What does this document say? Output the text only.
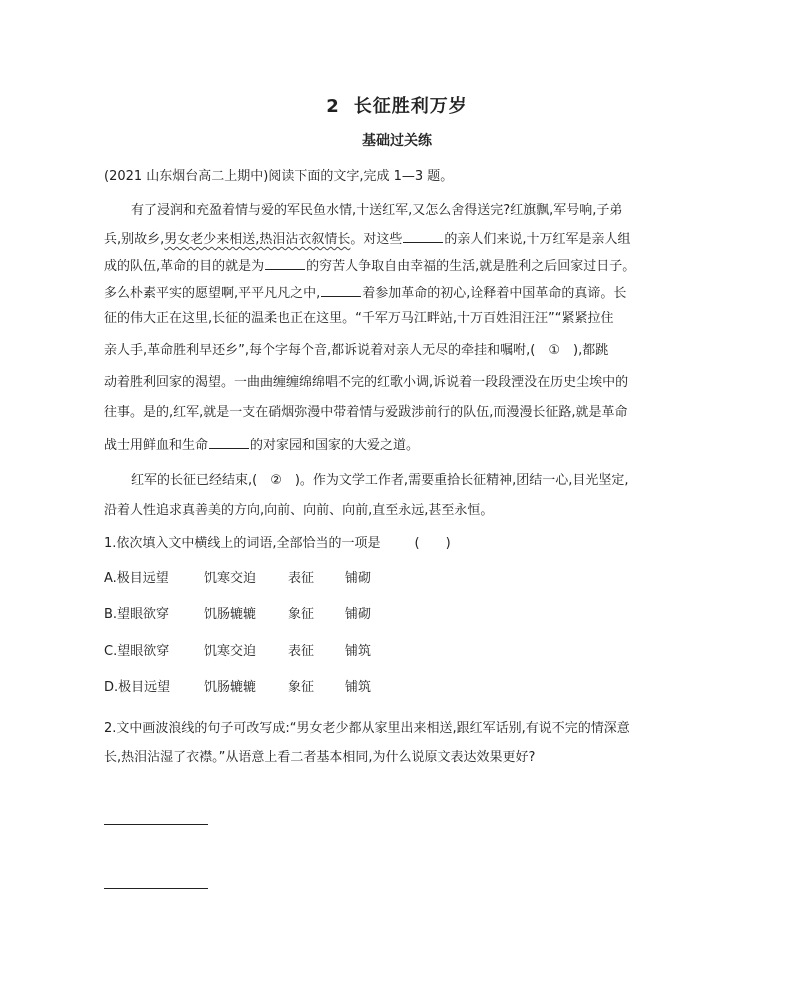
2 长征胜利万岁
基础过关练
(2021 山东烟台高二上期中)阅读下面的文字,完成 1—3 题。
有了浸润和充盈着情与爱的军民鱼水情,十送红军,又怎么舍得送完?红旗飘,军号响,子弟
兵,别故乡,男女老少来相送,热泪沾衣叙情长。对这些	的亲人们来说,十万红军是亲人组
成的队伍,革命的目的就是为	的穷苦人争取自由幸福的生活,就是胜利之后回家过日子。
多么朴素平实的愿望啊,平平凡凡之中,	着参加革命的初心,诠释着中国革命的真谛。长
征的伟大正在这里,长征的温柔也正在这里。“千军万马江畔站,十万百姓泪汪汪”“紧紧拉住
亲人手,革命胜利早还乡”,每个字每个音,都诉说着对亲人无尽的牵挂和嘱咐,(　①　),都跳
动着胜利回家的渴望。一曲曲缠缠绵绵唱不完的红歌小调,诉说着一段段湮没在历史尘埃中的
往事。是的,红军,就是一支在硝烟弥漫中带着情与爱跋涉前行的队伍,而漫漫长征路,就是革命
战士用鲜血和生命	的对家园和国家的大爱之道。
红军的长征已经结束,(　②　)。作为文学工作者,需要重拾长征精神,团结一心,目光坚定,
沿着人性追求真善美的方向,向前、向前、向前,直至永远,甚至永恒。
1.依次填入文中横线上的词语,全部恰当的一项是	(　　)
A.极目远望	饥寒交迫 表征 铺砌
B.望眼欲穿	饥肠辘辘 象征 铺砌
C.望眼欲穿	饥寒交迫 表征 铺筑
D.极目远望	饥肠辘辘 象征 铺筑
2.文中画波浪线的句子可改写成:“男女老少都从家里出来相送,跟红军话别,有说不完的情深意
长,热泪沾湿了衣襟。”从语意上看二者基本相同,为什么说原文表达效果更好?
